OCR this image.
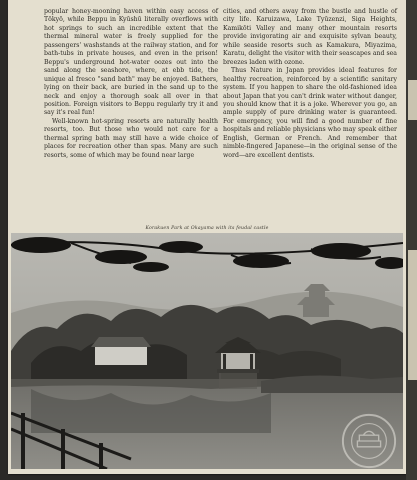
popular honey-mooning haven within easy access of Tōkyō, while Beppu in Kyūshū literally overflows with hot springs to such an incredible extent that the thermal mineral water is freely supplied for the passengers' washstands at the railway station, and for bath-tubs in private houses, and even in the prison! Beppu's underground hot-water oozes out into the sand along the seashore, where, at ebb tide, the unique al fresco "sand bath" may be enjoyed. Bathers, lying on their back, are buried in the sand up to the neck and enjoy a thorough soak all over in that position. Foreign visitors to Beppu regularly try it and say it's real fun!

Well-known hot-spring resorts are naturally health resorts, too. But those who would not care for a thermal spring bath may still have a wide choice of places for recreation other than spas. Many are such resorts, some of which may be found near large

cities, and others away from the bustle and hustle of city life. Karuizawa, Lake Tyūzenzi, Siga Heights, Kamikōti Valley and many other mountain resorts provide invigorating air and exquisite sylvan beauty, while seaside resorts such as Kamakura, Miyazima, Karatu, delight the visitor with their seascapes and sea breezes laden with ozone.

Thus Nature in Japan provides ideal features for healthy recreation, reinforced by a scientific sanitary system. If you happen to share the old-fashioned idea about Japan that you can't drink water without danger, you should know that it is a joke. Wherever you go, an ample supply of pure drinking water is guaranteed. For emergency, you will find a good number of fine hospitals and reliable physicians who may speak either English, German or French. And remember that nimble-fingered Japanese—in the original sense of the word—are excellent dentists.

Korakuen Park at Okayama with its feudal castle
